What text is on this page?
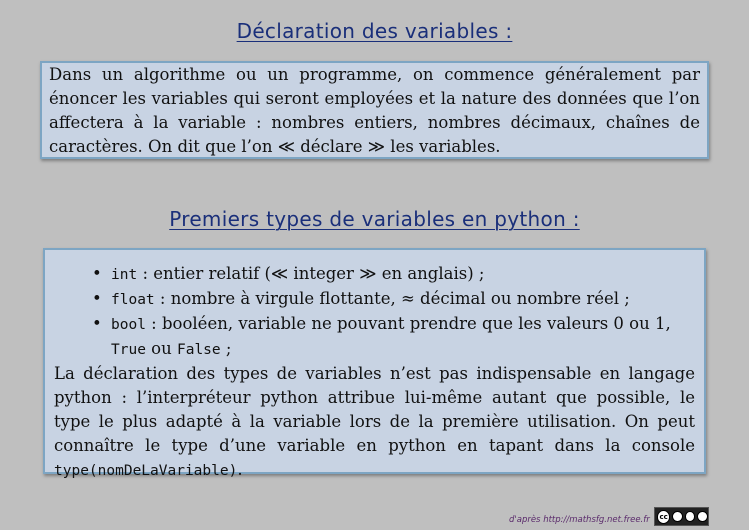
Déclaration des variables :

Dans un algorithme ou un programme, on commence généralement par énoncer les variables qui seront employées et la nature des données que l’on affectera à la variable : nombres entiers, nombres décimaux, chaînes de caractères. On dit que l’on ≪ déclare ≫ les variables.

Premiers types de variables en python :
• int : entier relatif (≪ integer ≫ en anglais) ;
• float : nombre à virgule flottante, ≈ décimal ou nombre réel ;
• bool : booléen, variable ne pouvant prendre que les valeurs 0 ou 1, True ou False ;

La déclaration des types de variables n’est pas indispensable en langage python : l’interpréteur python attribue lui-même autant que possible, le type le plus adapté à la variable lors de la première utilisation. On peut connaître le type d’une variable en python en tapant dans la console type(nomDeLaVariable).

d'après http://mathsfg.net.free.fr	cc
